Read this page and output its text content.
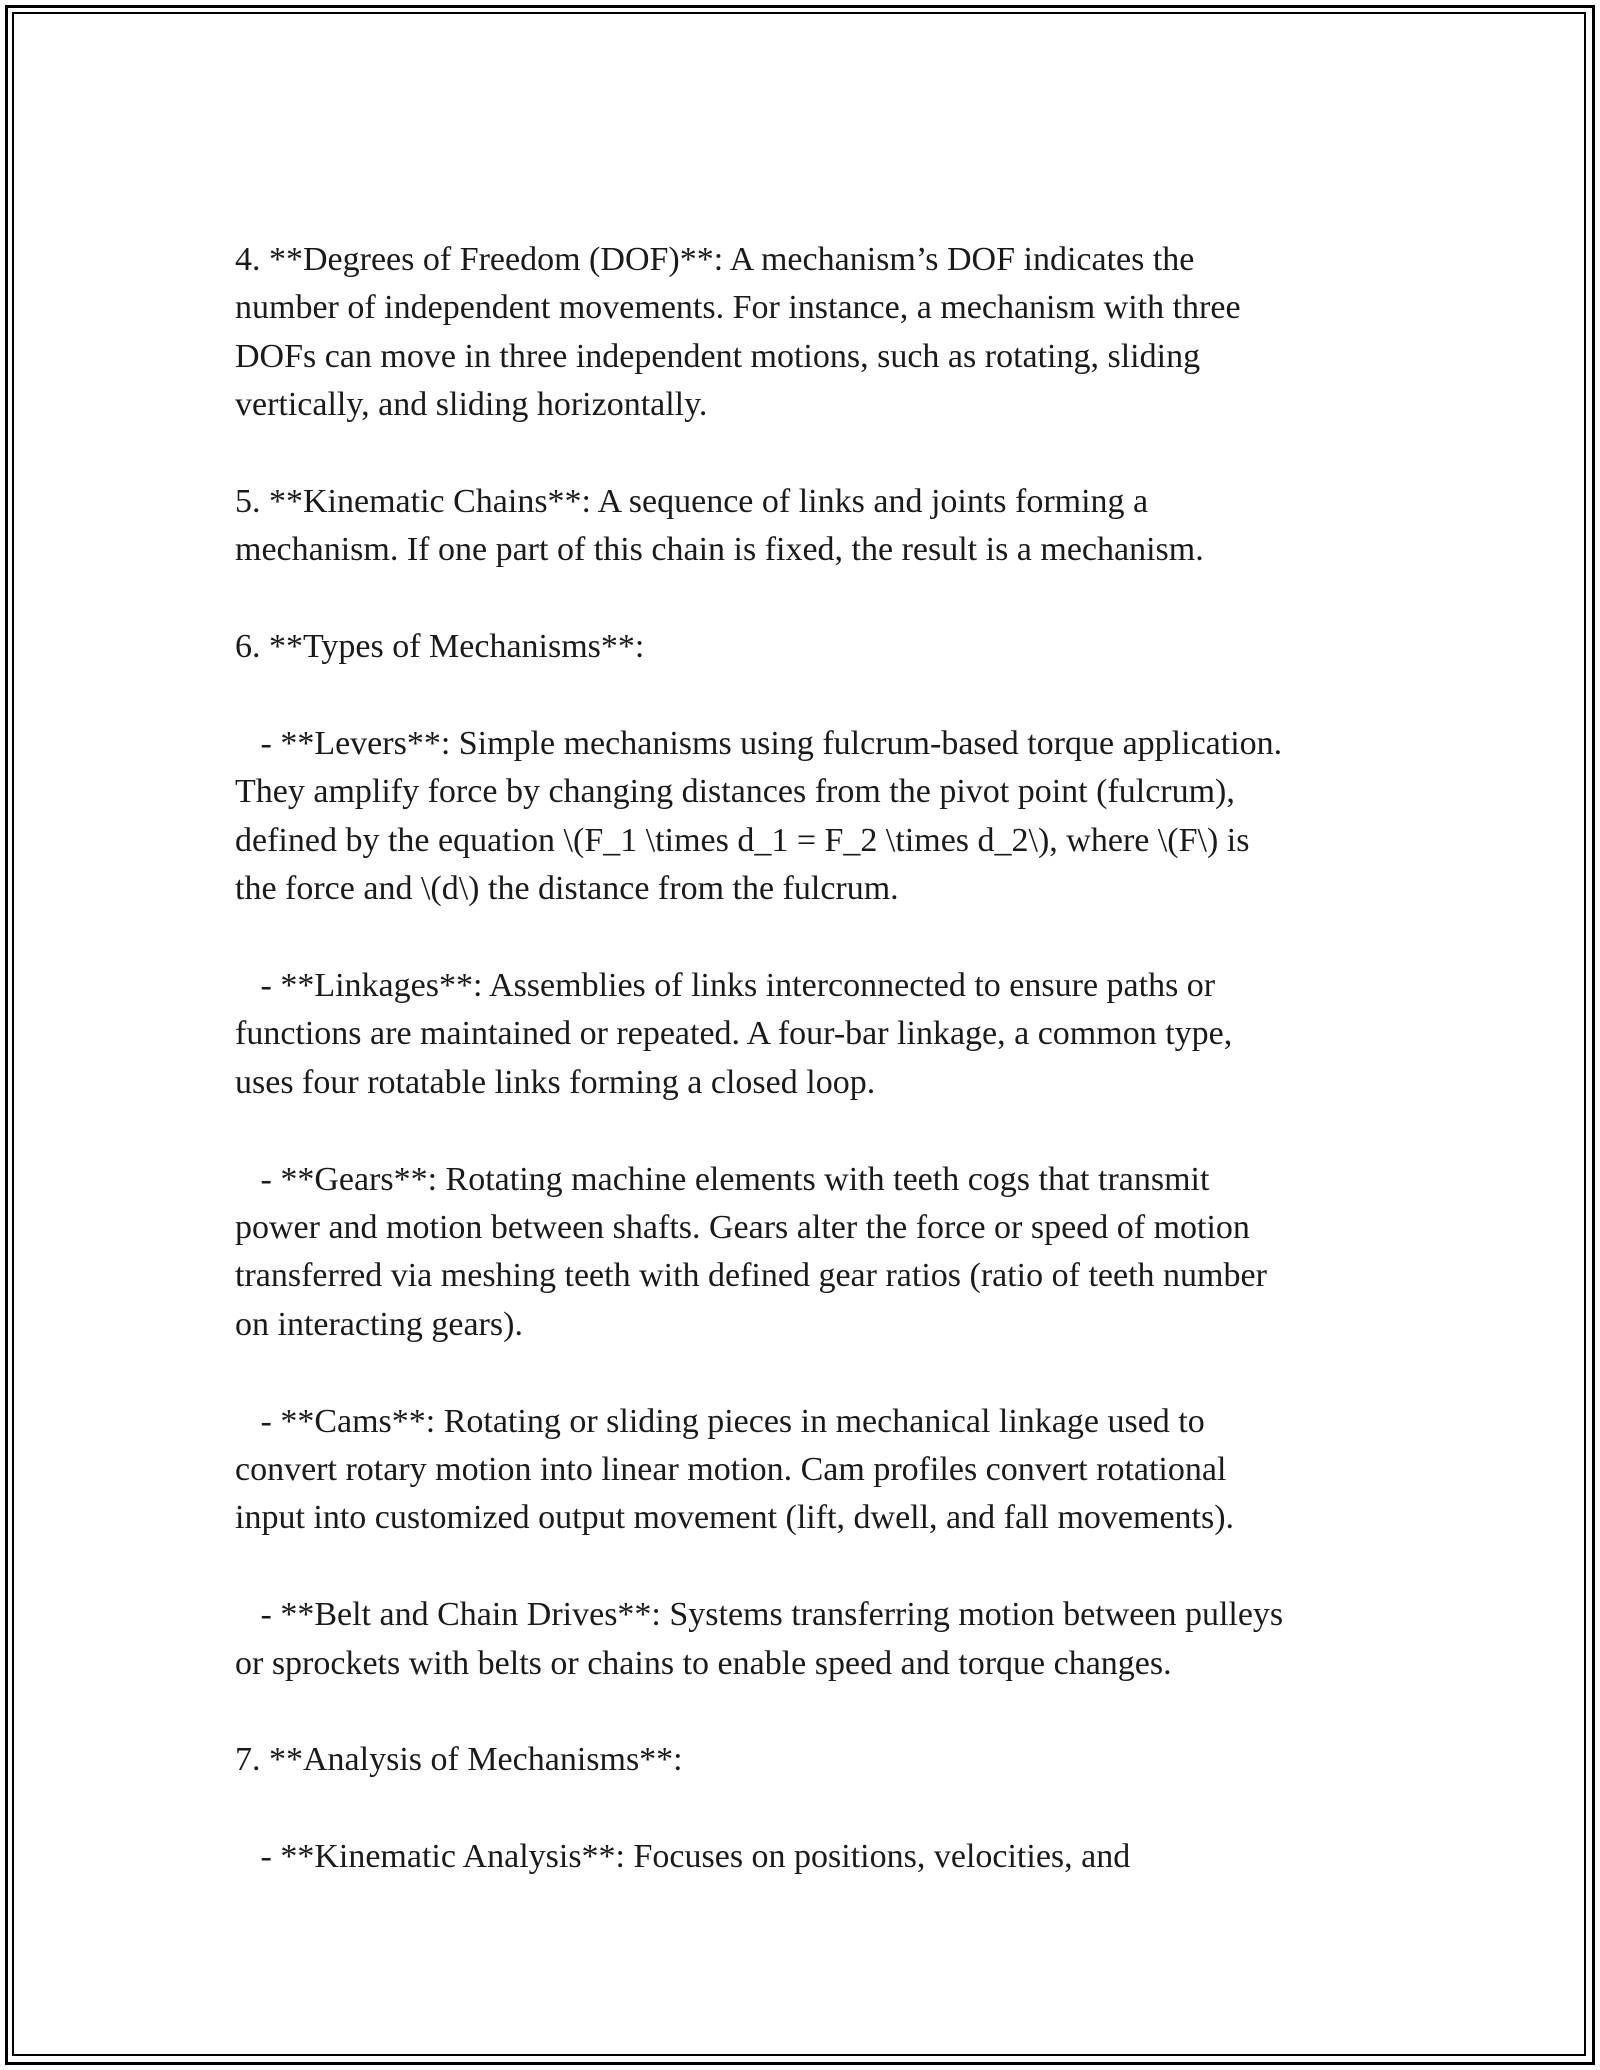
4. **Degrees of Freedom (DOF)**: A mechanism’s DOF indicates the
number of independent movements. For instance, a mechanism with three
DOFs can move in three independent motions, such as rotating, sliding
vertically, and sliding horizontally.

5. **Kinematic Chains**: A sequence of links and joints forming a
mechanism. If one part of this chain is fixed, the result is a mechanism.

6. **Types of Mechanisms**:

- **Levers**: Simple mechanisms using fulcrum-based torque application.
They amplify force by changing distances from the pivot point (fulcrum),
defined by the equation \(F_1 \times d_1 = F_2 \times d_2\), where \(F\) is
the force and \(d\) the distance from the fulcrum.

- **Linkages**: Assemblies of links interconnected to ensure paths or
functions are maintained or repeated. A four-bar linkage, a common type,
uses four rotatable links forming a closed loop.

- **Gears**: Rotating machine elements with teeth cogs that transmit
power and motion between shafts. Gears alter the force or speed of motion
transferred via meshing teeth with defined gear ratios (ratio of teeth number
on interacting gears).

- **Cams**: Rotating or sliding pieces in mechanical linkage used to
convert rotary motion into linear motion. Cam profiles convert rotational
input into customized output movement (lift, dwell, and fall movements).

- **Belt and Chain Drives**: Systems transferring motion between pulleys
or sprockets with belts or chains to enable speed and torque changes.

7. **Analysis of Mechanisms**:

- **Kinematic Analysis**: Focuses on positions, velocities, and
